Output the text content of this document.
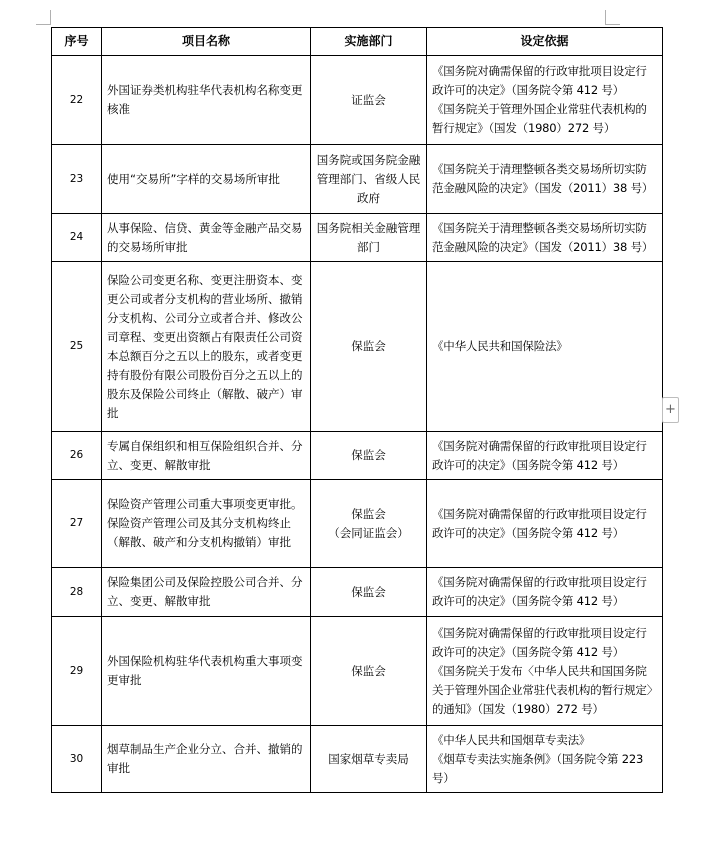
序号	项目名称	实施部门	设定依据
22	外国证券类机构驻华代表机构名称变更核准	证监会	《国务院对确需保留的行政审批项目设定行政许可的决定》（国务院令第 412 号）
《国务院关于管理外国企业常驻代表机构的暂行规定》（国发（1980）272 号）

23	使用“交易所”字样的交易场所审批	国务院或国务院金融管理部门、省级人民政府	《国务院关于清理整顿各类交易场所切实防范金融风险的决定》（国发（2011）38 号）

24	从事保险、信贷、黄金等金融产品交易的交易场所审批	国务院相关金融管理部门	《国务院关于清理整顿各类交易场所切实防范金融风险的决定》（国发（2011）38 号）

25	保险公司变更名称、变更注册资本、变更公司或者分支机构的营业场所、撤销分支机构、公司分立或者合并、修改公司章程、变更出资额占有限责任公司资本总额百分之五以上的股东，或者变更持有股份有限公司股份百分之五以上的股东及保险公司终止（解散、破产）审批	保监会	《中华人民共和国保险法》

26	专属自保组织和相互保险组织合并、分立、变更、解散审批	保监会	《国务院对确需保留的行政审批项目设定行政许可的决定》（国务院令第 412 号）

27	保险资产管理公司重大事项变更审批。保险资产管理公司及其分支机构终止（解散、破产和分支机构撤销）审批	保监会
（会同证监会）	《国务院对确需保留的行政审批项目设定行政许可的决定》（国务院令第 412 号）

28	保险集团公司及保险控股公司合并、分立、变更、解散审批	保监会	《国务院对确需保留的行政审批项目设定行政许可的决定》（国务院令第 412 号）

29	外国保险机构驻华代表机构重大事项变更审批	保监会	《国务院对确需保留的行政审批项目设定行政许可的决定》（国务院令第 412 号）
《国务院关于发布〈中华人民共和国国务院关于管理外国企业常驻代表机构的暂行规定〉的通知》（国发（1980）272 号）

30	烟草制品生产企业分立、合并、撤销的审批	国家烟草专卖局	《中华人民共和国烟草专卖法》
《烟草专卖法实施条例》（国务院令第 223 号）
+
